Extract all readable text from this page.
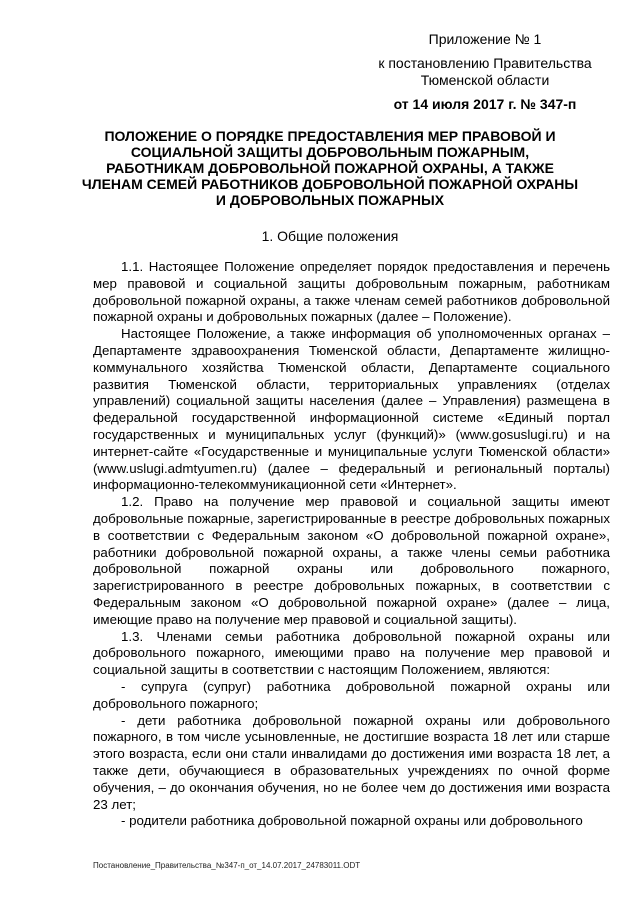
Приложение № 1
к постановлению Правительства
Тюменской области
от 14 июля 2017 г. № 347-п
ПОЛОЖЕНИЕ О ПОРЯДКЕ ПРЕДОСТАВЛЕНИЯ МЕР ПРАВОВОЙ И СОЦИАЛЬНОЙ ЗАЩИТЫ ДОБРОВОЛЬНЫМ ПОЖАРНЫМ, РАБОТНИКАМ ДОБРОВОЛЬНОЙ ПОЖАРНОЙ ОХРАНЫ, А ТАКЖЕ ЧЛЕНАМ СЕМЕЙ РАБОТНИКОВ ДОБРОВОЛЬНОЙ ПОЖАРНОЙ ОХРАНЫ И ДОБРОВОЛЬНЫХ ПОЖАРНЫХ
1. Общие положения

1.1. Настоящее Положение определяет порядок предоставления и перечень мер правовой и социальной защиты добровольным пожарным, работникам добровольной пожарной охраны, а также членам семей работников добровольной пожарной охраны и добровольных пожарных (далее – Положение).

Настоящее Положение, а также информация об уполномоченных органах – Департаменте здравоохранения Тюменской области, Департаменте жилищно-коммунального хозяйства Тюменской области, Департаменте социального развития Тюменской области, территориальных управлениях (отделах управлений) социальной защиты населения (далее – Управления) размещена в федеральной государственной информационной системе «Единый портал государственных и муниципальных услуг (функций)» (www.gosuslugi.ru) и на интернет-сайте «Государственные и муниципальные услуги Тюменской области» (www.uslugi.admtyumen.ru) (далее – федеральный и региональный порталы) информационно-телекоммуникационной сети «Интернет».

1.2. Право на получение мер правовой и социальной защиты имеют добровольные пожарные, зарегистрированные в реестре добровольных пожарных в соответствии с Федеральным законом «О добровольной пожарной охране», работники добровольной пожарной охраны, а также члены семьи работника добровольной пожарной охраны или добровольного пожарного, зарегистрированного в реестре добровольных пожарных, в соответствии с Федеральным законом «О добровольной пожарной охране» (далее – лица, имеющие право на получение мер правовой и социальной защиты).

1.3. Членами семьи работника добровольной пожарной охраны или добровольного пожарного, имеющими право на получение мер правовой и социальной защиты в соответствии с настоящим Положением, являются:

- супруга (супруг) работника добровольной пожарной охраны или добровольного пожарного;

- дети работника добровольной пожарной охраны или добровольного пожарного, в том числе усыновленные, не достигшие возраста 18 лет или старше этого возраста, если они стали инвалидами до достижения ими возраста 18 лет, а также дети, обучающиеся в образовательных учреждениях по очной форме обучения, – до окончания обучения, но не более чем до достижения ими возраста 23 лет;

- родители работника добровольной пожарной охраны или добровольного

Постановление_Правительства_№347-п_от_14.07.2017_24783011.ODT
